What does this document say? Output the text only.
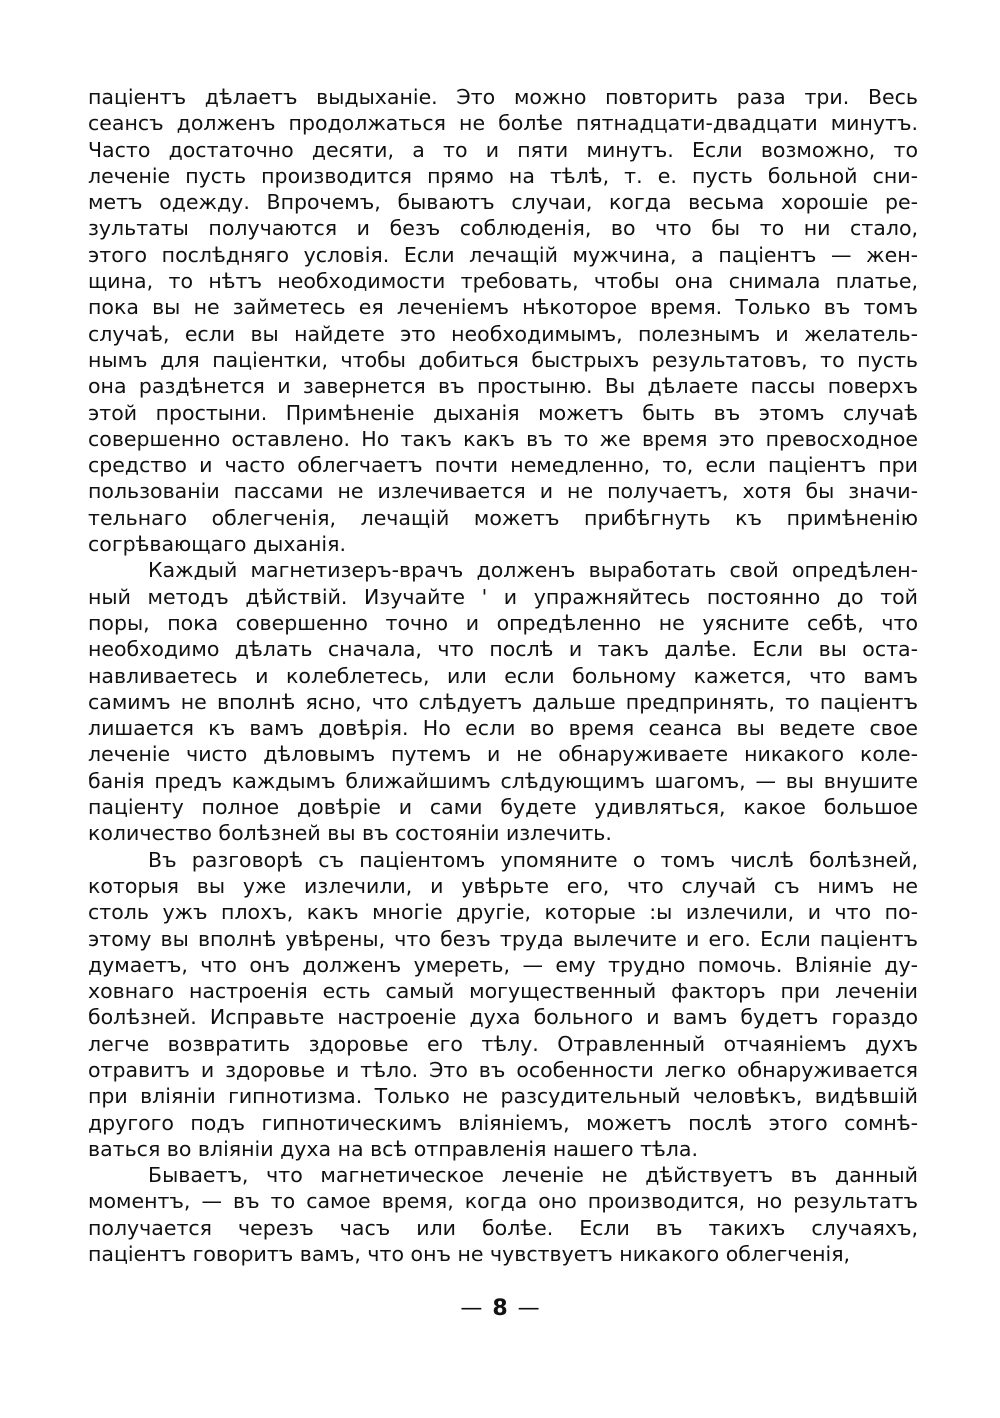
паціентъ дѣлаетъ выдыханіе. Это можно повторить раза три. Весь
сеансъ долженъ продолжаться не болѣе пятнадцати-двадцати минутъ.
Часто достаточно десяти, а то и пяти минутъ. Если возможно, то
леченіе пусть производится прямо на тѣлѣ, т. е. пусть больной сни-
метъ одежду. Впрочемъ, бываютъ случаи, когда весьма хорошіе ре-
зультаты получаются и безъ соблюденія, во что бы то ни стало,
этого послѣдняго условія. Если лечащій мужчина, а паціентъ — жен-
щина, то нѣтъ необходимости требовать, чтобы она снимала платье,
пока вы не займетесь ея леченіемъ нѣкоторое время. Только въ томъ
случаѣ, если вы найдете это необходимымъ, полезнымъ и желатель-
нымъ для паціентки, чтобы добиться быстрыхъ результатовъ, то пусть
она раздѣнется и завернется въ простыню. Вы дѣлаете пассы поверхъ
этой простыни. Примѣненіе дыханія можетъ быть въ этомъ случаѣ
совершенно оставлено. Но такъ какъ въ то же время это превосходное
средство и часто облегчаетъ почти немедленно, то, если паціентъ при
пользованіи пассами не излечивается и не получаетъ, хотя бы значи-
тельнаго облегченія, лечащій можетъ прибѣгнуть къ примѣненію
согрѣвающаго дыханія.
Каждый магнетизеръ-врачъ долженъ выработать свой опредѣлен-
ный методъ дѣйствій. Изучайте ' и упражняйтесь постоянно до той
поры, пока совершенно точно и опредѣленно не уясните себѣ, что
необходимо дѣлать сначала, что послѣ и такъ далѣе. Если вы оста-
навливаетесь и колеблетесь, или если больному кажется, что вамъ
самимъ не вполнѣ ясно, что слѣдуетъ дальше предпринять, то паціентъ
лишается къ вамъ довѣрія. Но если во время сеанса вы ведете свое
леченіе чисто дѣловымъ путемъ и не обнаруживаете никакого коле-
банія предъ каждымъ ближайшимъ слѣдующимъ шагомъ, — вы внушите
паціенту полное довѣріе и сами будете удивляться, какое большое
количество болѣзней вы въ состояніи излечить.
Въ разговорѣ съ паціентомъ упомяните о томъ числѣ болѣзней,
которыя вы уже излечили, и увѣрьте его, что случай съ нимъ не
столь ужъ плохъ, какъ многіе другіе, которые :ы излечили, и что по-
этому вы вполнѣ увѣрены, что безъ труда вылечите и его. Если паціентъ
думаетъ, что онъ долженъ умереть, — ему трудно помочь. Вліяніе ду-
ховнаго настроенія есть самый могущественный факторъ при леченіи
болѣзней. Исправьте настроеніе духа больного и вамъ будетъ гораздо
легче возвратить здоровье его тѣлу. Отравленный отчаяніемъ духъ
отравитъ и здоровье и тѣло. Это въ особенности легко обнаруживается
при вліяніи гипнотизма. Только не разсудительный человѣкъ, видѣвшій
другого подъ гипнотическимъ вліяніемъ, можетъ послѣ этого сомнѣ-
ваться во вліяніи духа на всѣ отправленія нашего тѣла.
Бываетъ, что магнетическое леченіе не дѣйствуетъ въ данный
моментъ, — въ то самое время, когда оно производится, но результатъ
получается черезъ часъ или болѣе. Если въ такихъ случаяхъ,
паціентъ говоритъ вамъ, что онъ не чувствуетъ никакого облегченія,
— 8 —
